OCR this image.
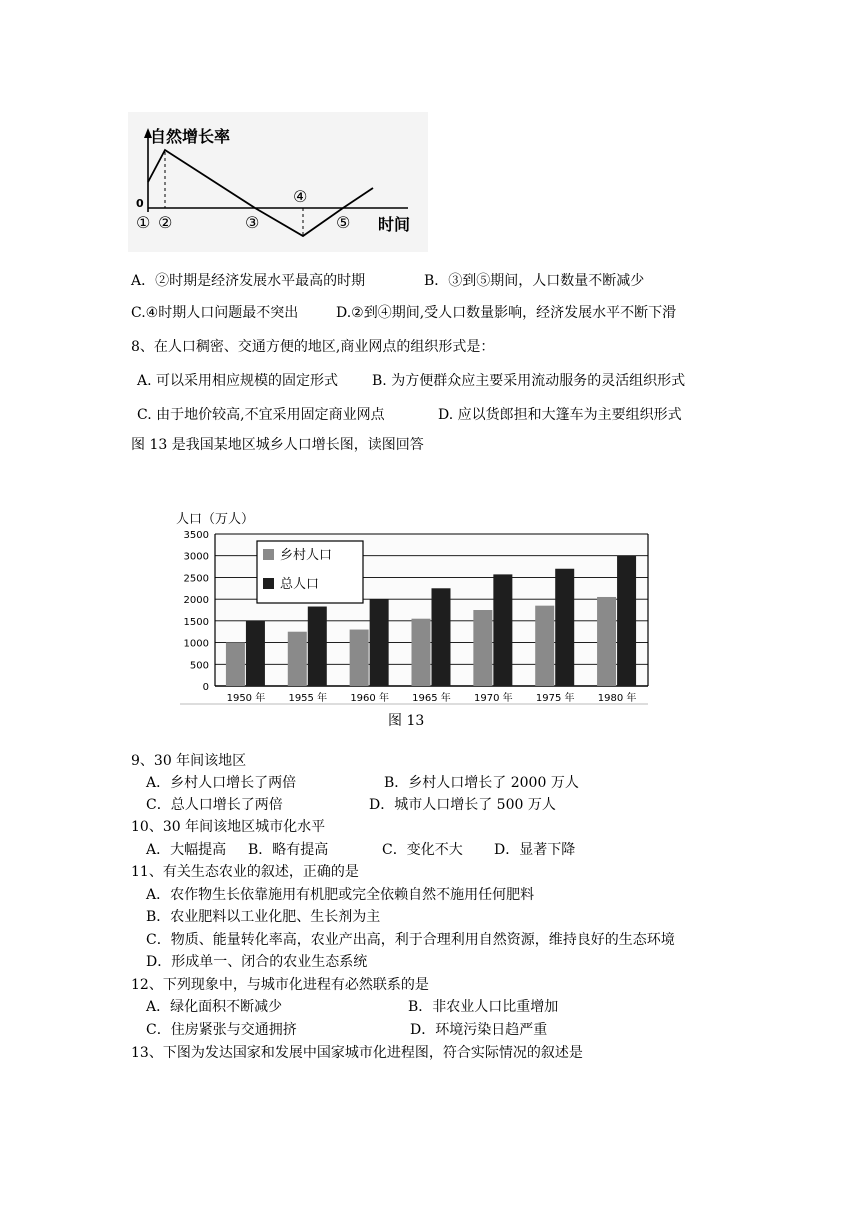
自然增长率
0
时间
① ②	③
④
⑤
A．②时期是经济发展水平最高的时期	B．③到⑤期间，人口数量不断减少
C.④时期人口问题最不突出	D.②到④期间,受人口数量影响，经济发展水平不断下滑
8、在人口稠密、交通方便的地区,商业网点的组织形式是：
A. 可以采用相应规模的固定形式 B. 为方便群众应主要采用流动服务的灵活组织形式
C. 由于地价较高,不宜采用固定商业网点	D. 应以货郎担和大篷车为主要组织形式
图 13 是我国某地区城乡人口增长图，读图回答
人口（万人）
0
500
1000
1500
2000
2500
3000
3500
1950 年 1955 年 1960 年 1965 年 1970 年 1975 年 1980 年
乡村人口
总人口
图 13
9、30 年间该地区
A．乡村人口增长了两倍	B．乡村人口增长了 2000 万人
C．总人口增长了两倍	D．城市人口增长了 500 万人
10、30 年间该地区城市化水平
A．大幅提高 B．略有提高	C．变化不大 D．显著下降
11、有关生态农业的叙述，正确的是
A．农作物生长依靠施用有机肥或完全依赖自然不施用任何肥料
B．农业肥料以工业化肥、生长剂为主
C．物质、能量转化率高，农业产出高，利于合理利用自然资源，维持良好的生态环境
D．形成单一、闭合的农业生态系统
12、下列现象中，与城市化进程有必然联系的是
A．绿化面积不断减少	B．非农业人口比重增加
C．住房紧张与交通拥挤	D．环境污染日趋严重
13、下图为发达国家和发展中国家城市化进程图，符合实际情况的叙述是
